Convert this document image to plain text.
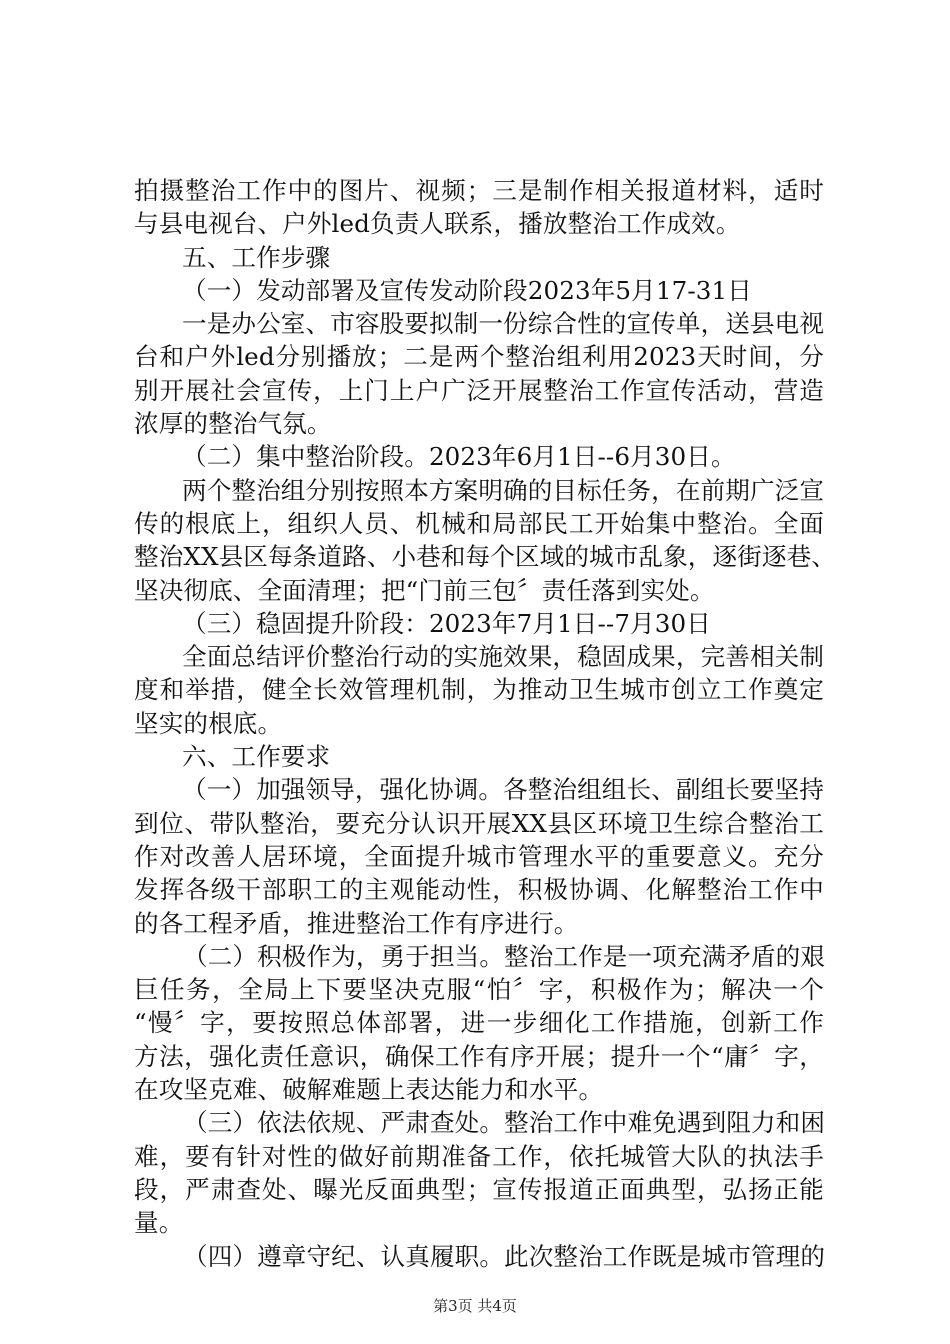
拍摄整治工作中的图片、视频；三是制作相关报道材料，适时
与县电视台、户外led负责人联系，播放整治工作成效。
五、工作步骤
（一）发动部署及宣传发动阶段2023年5月17-31日
一是办公室、市容股要拟制一份综合性的宣传单，送县电视
台和户外led分别播放；二是两个整治组利用2023天时间，分
别开展社会宣传，上门上户广泛开展整治工作宣传活动，营造
浓厚的整治气氛。
（二）集中整治阶段。2023年6月1日--6月30日。
两个整治组分别按照本方案明确的目标任务，在前期广泛宣
传的根底上，组织人员、机械和局部民工开始集中整治。全面
整治XX县区每条道路、小巷和每个区域的城市乱象，逐街逐巷、
坚决彻底、全面清理；把“门前三包〞责任落到实处。
（三）稳固提升阶段：2023年7月1日--7月30日
全面总结评价整治行动的实施效果，稳固成果，完善相关制
度和举措，健全长效管理机制，为推动卫生城市创立工作奠定
坚实的根底。
六、工作要求
（一）加强领导，强化协调。各整治组组长、副组长要坚持
到位、带队整治，要充分认识开展XX县区环境卫生综合整治工
作对改善人居环境，全面提升城市管理水平的重要意义。充分
发挥各级干部职工的主观能动性，积极协调、化解整治工作中
的各工程矛盾，推进整治工作有序进行。
（二）积极作为，勇于担当。整治工作是一项充满矛盾的艰
巨任务，全局上下要坚决克服“怕〞字，积极作为；解决一个
“慢〞字，要按照总体部署，进一步细化工作措施，创新工作
方法，强化责任意识，确保工作有序开展；提升一个“庸〞字，
在攻坚克难、破解难题上表达能力和水平。
（三）依法依规、严肃查处。整治工作中难免遇到阻力和困
难，要有针对性的做好前期准备工作，依托城管大队的执法手
段，严肃查处、曝光反面典型；宣传报道正面典型，弘扬正能
量。
（四）遵章守纪、认真履职。此次整治工作既是城市管理的
第3页 共4页
